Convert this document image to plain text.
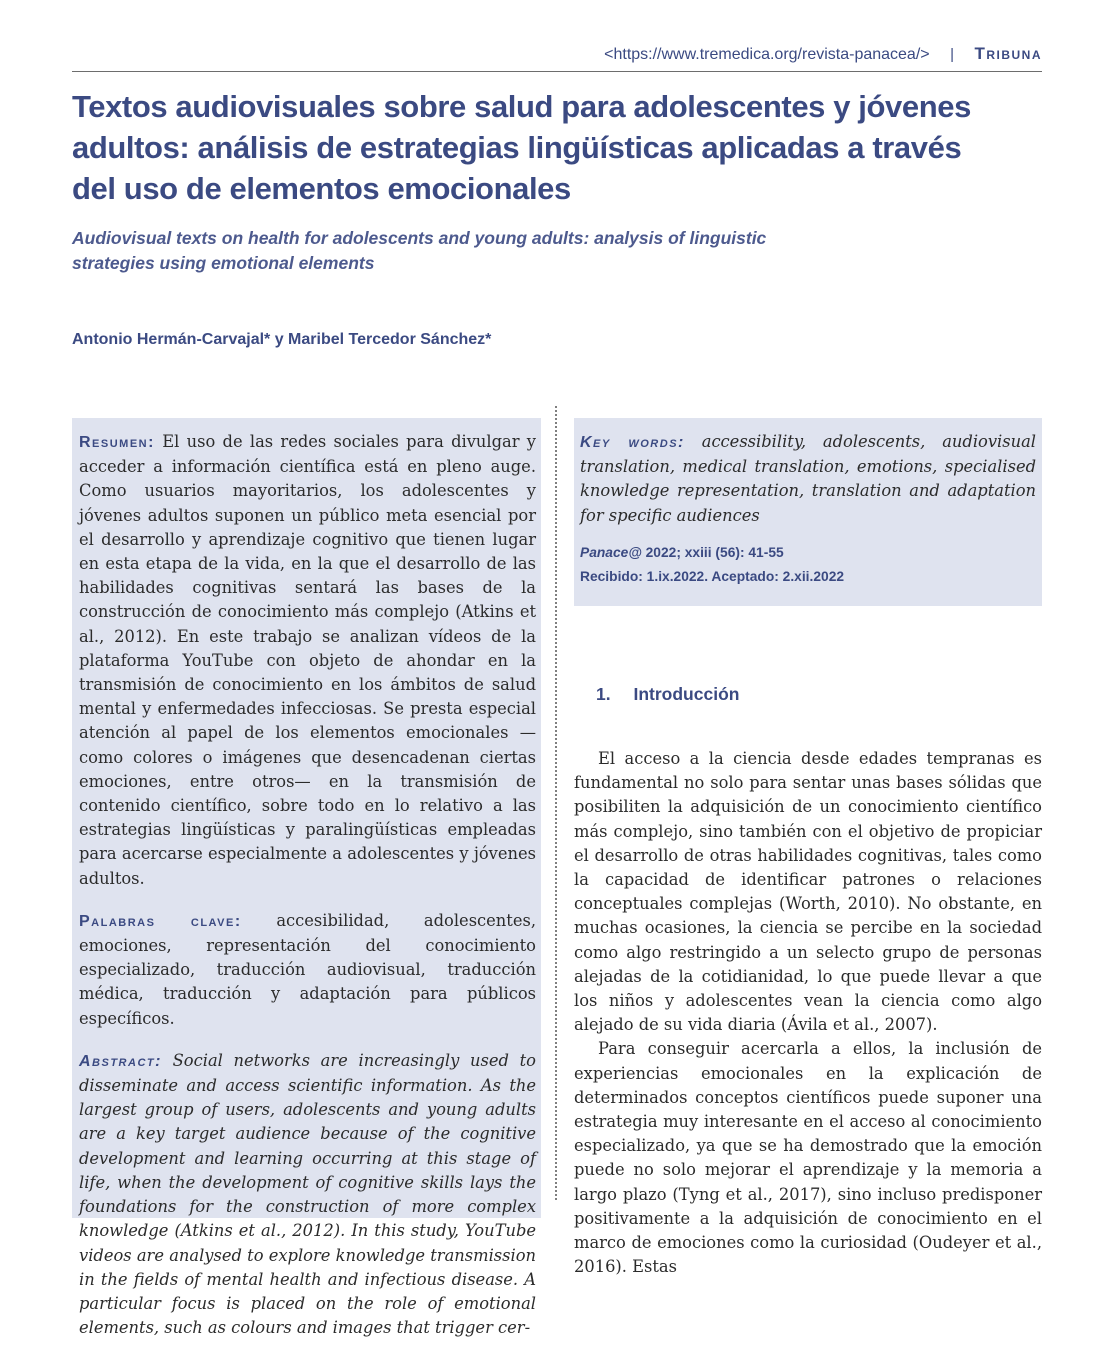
<https://www.tremedica.org/revista-panacea/> | Tribuna
Textos audiovisuales sobre salud para adolescentes y jóvenes adultos: análisis de estrategias lingüísticas aplicadas a través del uso de elementos emocionales

Audiovisual texts on health for adolescents and young adults: analysis of linguistic strategies using emotional elements

Antonio Hermán-Carvajal* y Maribel Tercedor Sánchez*

Resumen: El uso de las redes sociales para divulgar y acceder a información científica está en pleno auge. Como usuarios mayoritarios, los adolescentes y jóvenes adultos suponen un público meta esencial por el desarrollo y aprendizaje cognitivo que tienen lugar en esta etapa de la vida, en la que el desarrollo de las habilidades cognitivas sentará las bases de la construcción de conocimiento más complejo (Atkins et al., 2012). En este trabajo se analizan vídeos de la plataforma YouTube con objeto de ahondar en la transmisión de conocimiento en los ámbitos de salud mental y enfermedades infecciosas. Se presta especial atención al papel de los elementos emocionales —como colores o imágenes que desencadenan ciertas emociones, entre otros— en la transmisión de contenido científico, sobre todo en lo relativo a las estrategias lingüísticas y paralingüísticas empleadas para acercarse especialmente a adolescentes y jóvenes adultos.

Palabras clave: accesibilidad, adolescentes, emociones, representación del conocimiento especializado, traducción audiovisual, traducción médica, traducción y adaptación para públicos específicos.

Abstract: Social networks are increasingly used to disseminate and access scientific information. As the largest group of users, adolescents and young adults are a key target audience because of the cognitive development and learning occurring at this stage of life, when the development of cognitive skills lays the foundations for the construction of more complex knowledge (Atkins et al., 2012). In this study, YouTube videos are analysed to explore knowledge transmission in the fields of mental health and infectious disease. A particular focus is placed on the role of emotional elements, such as colours and images that trigger cer-

Key words: accessibility, adolescents, audiovisual translation, medical translation, emotions, specialised knowledge representation, translation and adaptation for specific audiences
Panace@ 2022; xxiii (56): 41-55
Recibido: 1.ix.2022. Aceptado: 2.xii.2022
1. Introducción

El acceso a la ciencia desde edades tempranas es fundamental no solo para sentar unas bases sólidas que posibiliten la adquisición de un conocimiento científico más complejo, sino también con el objetivo de propiciar el desarrollo de otras habilidades cognitivas, tales como la capacidad de identificar patrones o relaciones conceptuales complejas (Worth, 2010). No obstante, en muchas ocasiones, la ciencia se percibe en la sociedad como algo restringido a un selecto grupo de personas alejadas de la cotidianidad, lo que puede llevar a que los niños y adolescentes vean la ciencia como algo alejado de su vida diaria (Ávila et al., 2007).

Para conseguir acercarla a ellos, la inclusión de experiencias emocionales en la explicación de determinados conceptos científicos puede suponer una estrategia muy interesante en el acceso al conocimiento especializado, ya que se ha demostrado que la emoción puede no solo mejorar el aprendizaje y la memoria a largo plazo (Tyng et al., 2017), sino incluso predisponer positivamente a la adquisición de conocimiento en el marco de emociones como la curiosidad (Oudeyer et al., 2016). Estas
